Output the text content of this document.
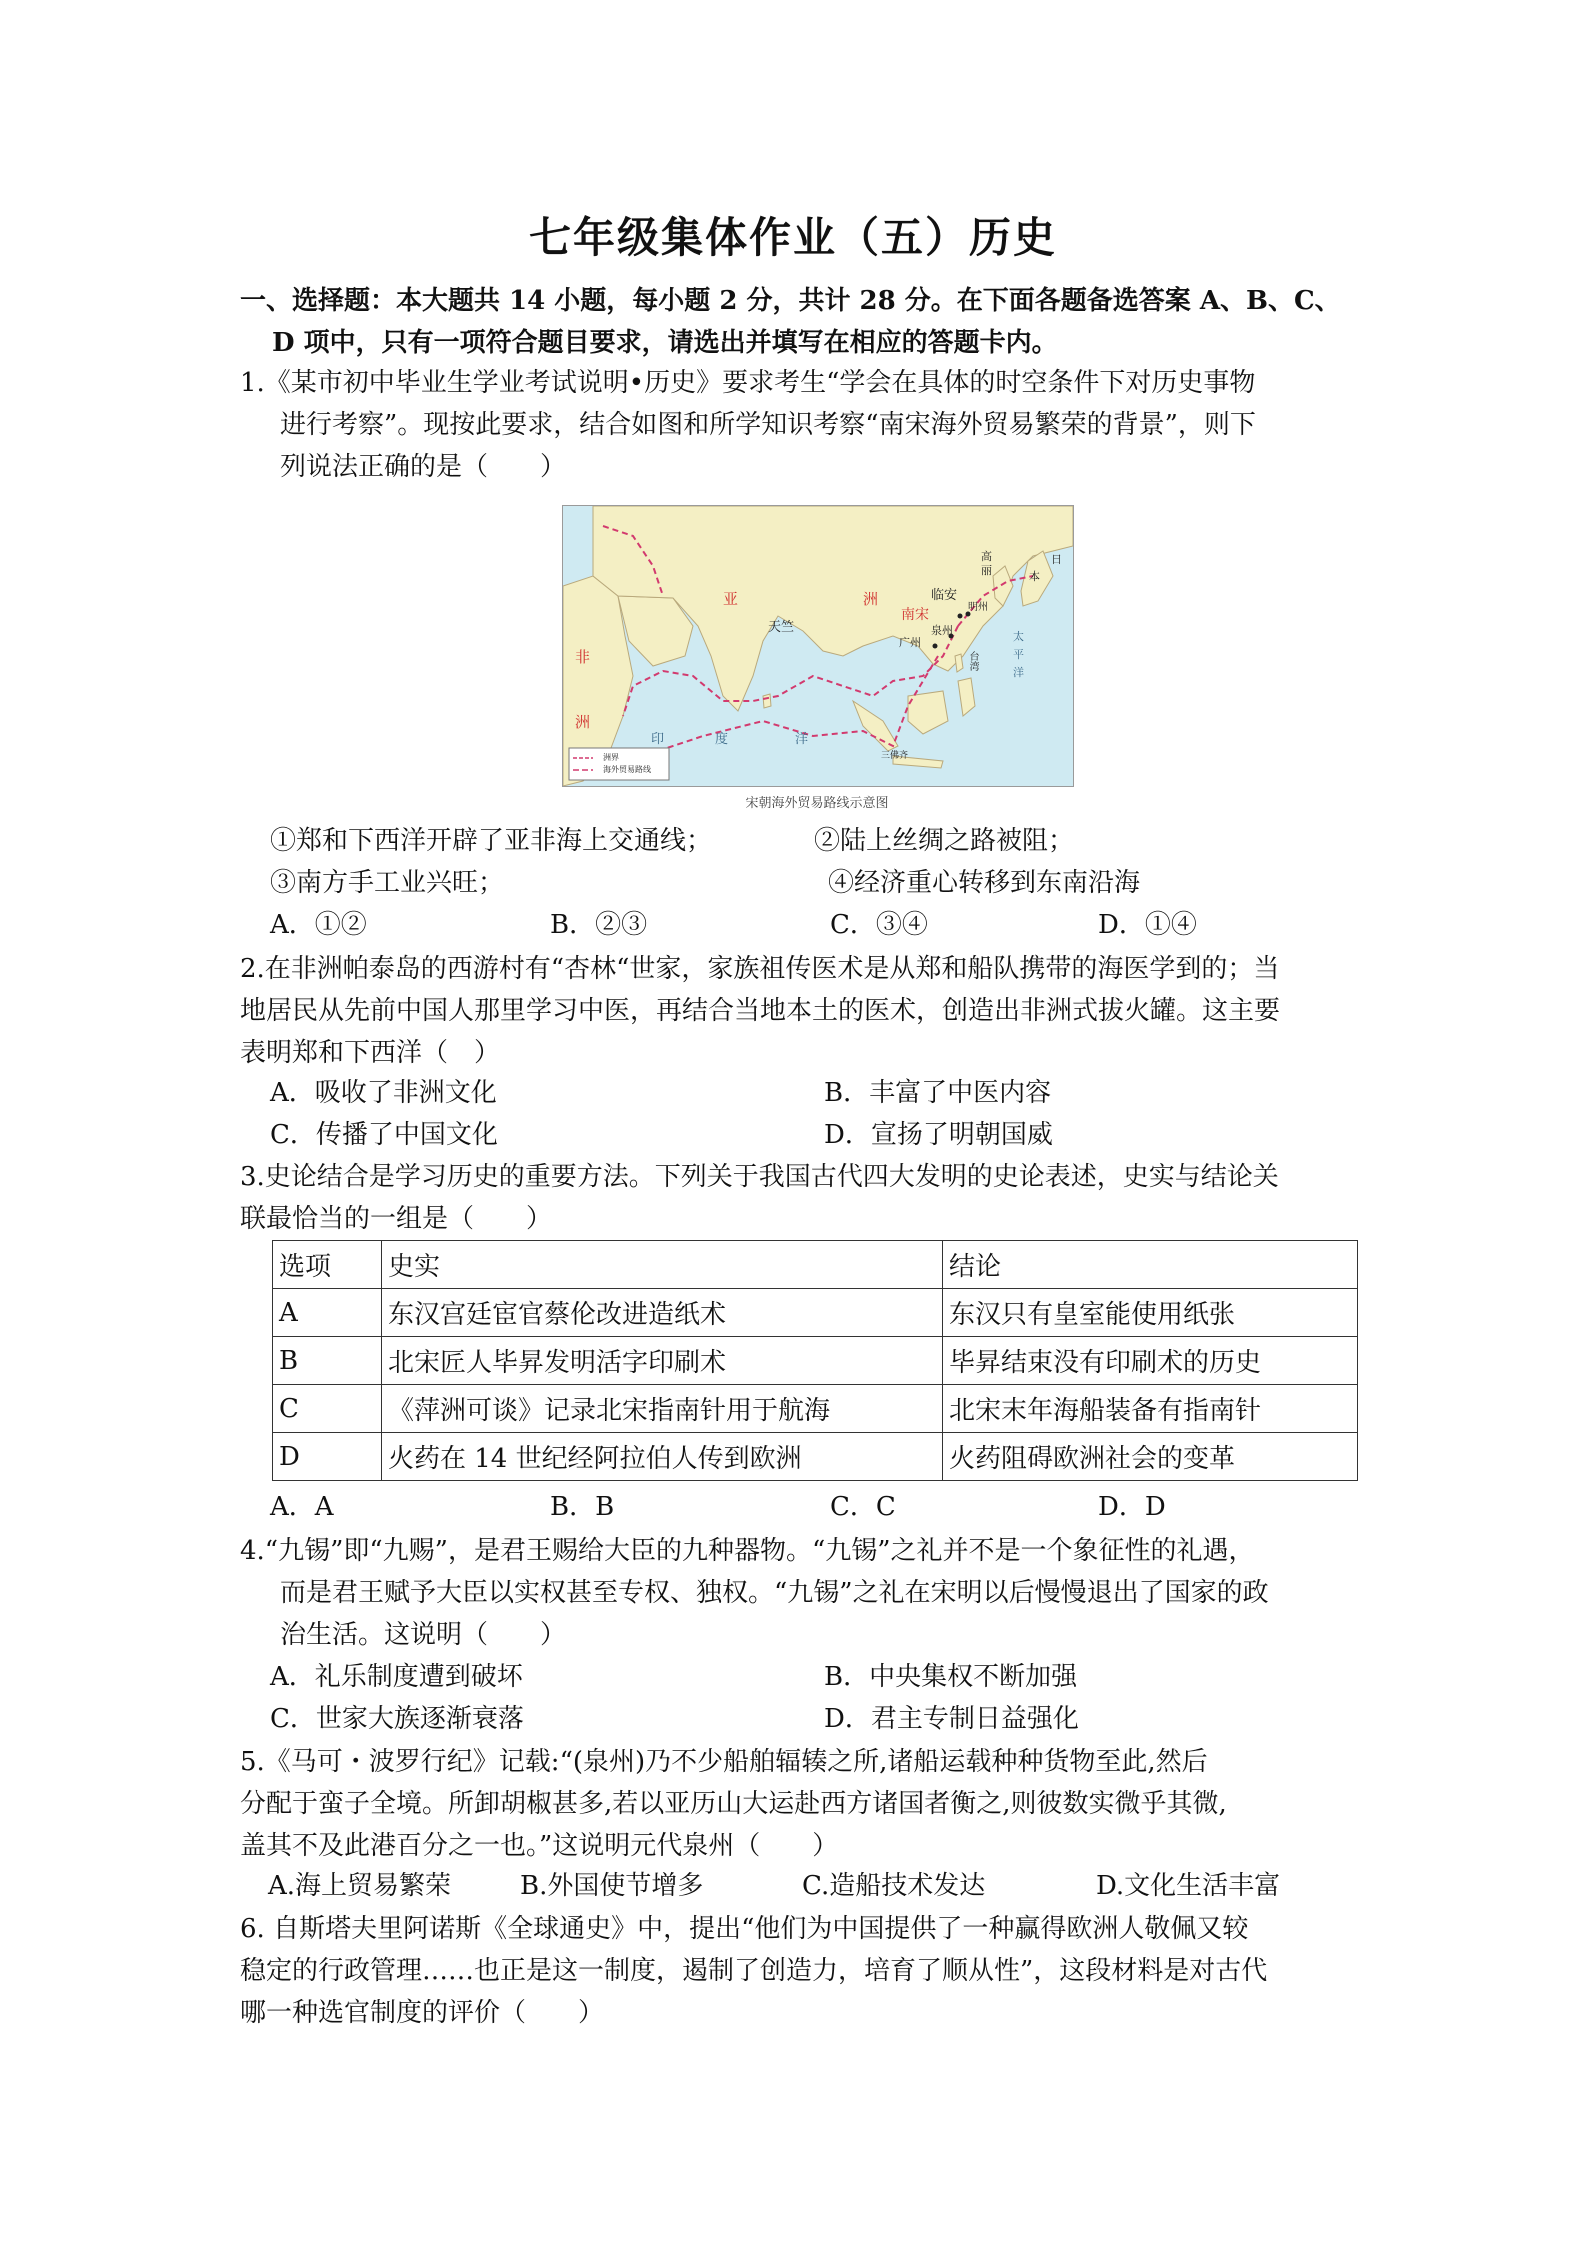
七年级集体作业（五）历史
一、选择题：本大题共 14 小题，每小题 2 分，共计 28 分。在下面各题备选答案 A、B、C、
D 项中，只有一项符合题目要求，请选出并填写在相应的答题卡内。
1.《某市初中毕业生学业考试说明•历史》要求考生“学会在具体的时空条件下对历史事物
进行考察”。现按此要求，结合如图和所学知识考察“南宋海外贸易繁荣的背景”，则下
列说法正确的是（　　）
亚	洲
非
洲
天竺
南宋
临安
明州
泉州
广州
台湾
高
丽
日
本
印	度	洋
太
平
洋
三佛齐
洲界
海外贸易路线
宋朝海外贸易路线示意图
①郑和下西洋开辟了亚非海上交通线；	②陆上丝绸之路被阻；
③南方手工业兴旺；	④经济重心转移到东南沿海
A．①②	B．②③	C．③④	D．①④
2.在非洲帕泰岛的西游村有“杏林“世家，家族祖传医术是从郑和船队携带的海医学到的；当
地居民从先前中国人那里学习中医，再结合当地本土的医术，创造出非洲式拔火罐。这主要
表明郑和下西洋（　）
A．吸收了非洲文化	B．丰富了中医内容
C．传播了中国文化	D．宣扬了明朝国威
3.史论结合是学习历史的重要方法。下列关于我国古代四大发明的史论表述，史实与结论关
联最恰当的一组是（　　）
选项	史实	结论
A	东汉宫廷宦官蔡伦改进造纸术	东汉只有皇室能使用纸张
B	北宋匠人毕昇发明活字印刷术	毕昇结束没有印刷术的历史
C	《萍洲可谈》记录北宋指南针用于航海	北宋末年海船装备有指南针
D	火药在 14 世纪经阿拉伯人传到欧洲	火药阻碍欧洲社会的变革
A．A	B．B	C．C	D．D
4.“九锡”即“九赐”，是君王赐给大臣的九种器物。“九锡”之礼并不是一个象征性的礼遇，
而是君王赋予大臣以实权甚至专权、独权。“九锡”之礼在宋明以后慢慢退出了国家的政
治生活。这说明（　　）
A．礼乐制度遭到破坏	B．中央集权不断加强
C．世家大族逐渐衰落	D．君主专制日益强化
5.《马可・波罗行纪》记载:“(泉州)乃不少船舶辐辏之所,诸船运载种种货物至此,然后
分配于蛮子全境。所卸胡椒甚多,若以亚历山大运赴西方诸国者衡之,则彼数实微乎其微,
盖其不及此港百分之一也。”这说明元代泉州（　　）
A.海上贸易繁荣	B.外国使节增多	C.造船技术发达	D.文化生活丰富
6. 自斯塔夫里阿诺斯《全球通史》中，提出“他们为中国提供了一种赢得欧洲人敬佩又较
稳定的行政管理……也正是这一制度，遏制了创造力，培育了顺从性”，这段材料是对古代
哪一种选官制度的评价（　　）
